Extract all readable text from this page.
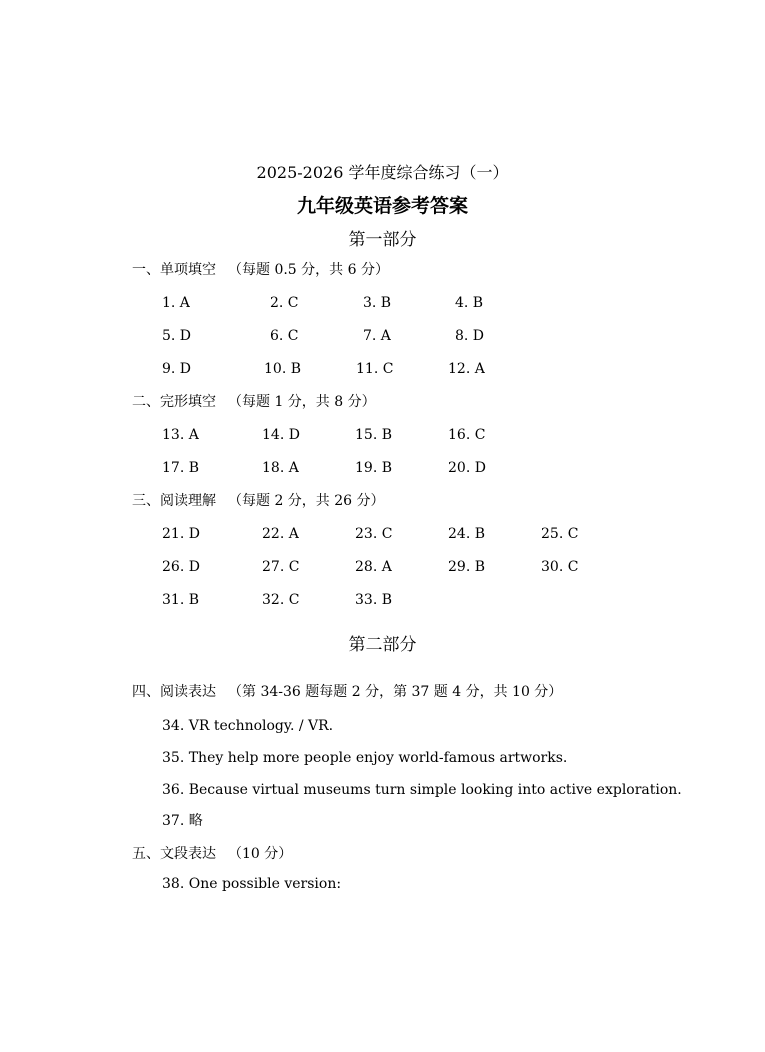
2025-2026 学年度综合练习（一）
九年级英语参考答案
第一部分
一、单项填空 （每题 0.5 分，共 6 分）
1. A	2. C	3. B	4. B
5. D	6. C	7. A	8. D
9. D	10. B	11. C	12. A
二、完形填空 （每题 1 分，共 8 分）
13. A	14. D	15. B	16. C
17. B	18. A	19. B	20. D
三、阅读理解 （每题 2 分，共 26 分）
21. D	22. A	23. C	24. B	25. C
26. D	27. C	28. A	29. B	30. C
31. B	32. C	33. B
第二部分
四、阅读表达 （第 34-36 题每题 2 分，第 37 题 4 分，共 10 分）
34. VR technology. / VR.
35. They help more people enjoy world-famous artworks.
36. Because virtual museums turn simple looking into active exploration.
37. 略
五、文段表达 （10 分）
38. One possible version:
